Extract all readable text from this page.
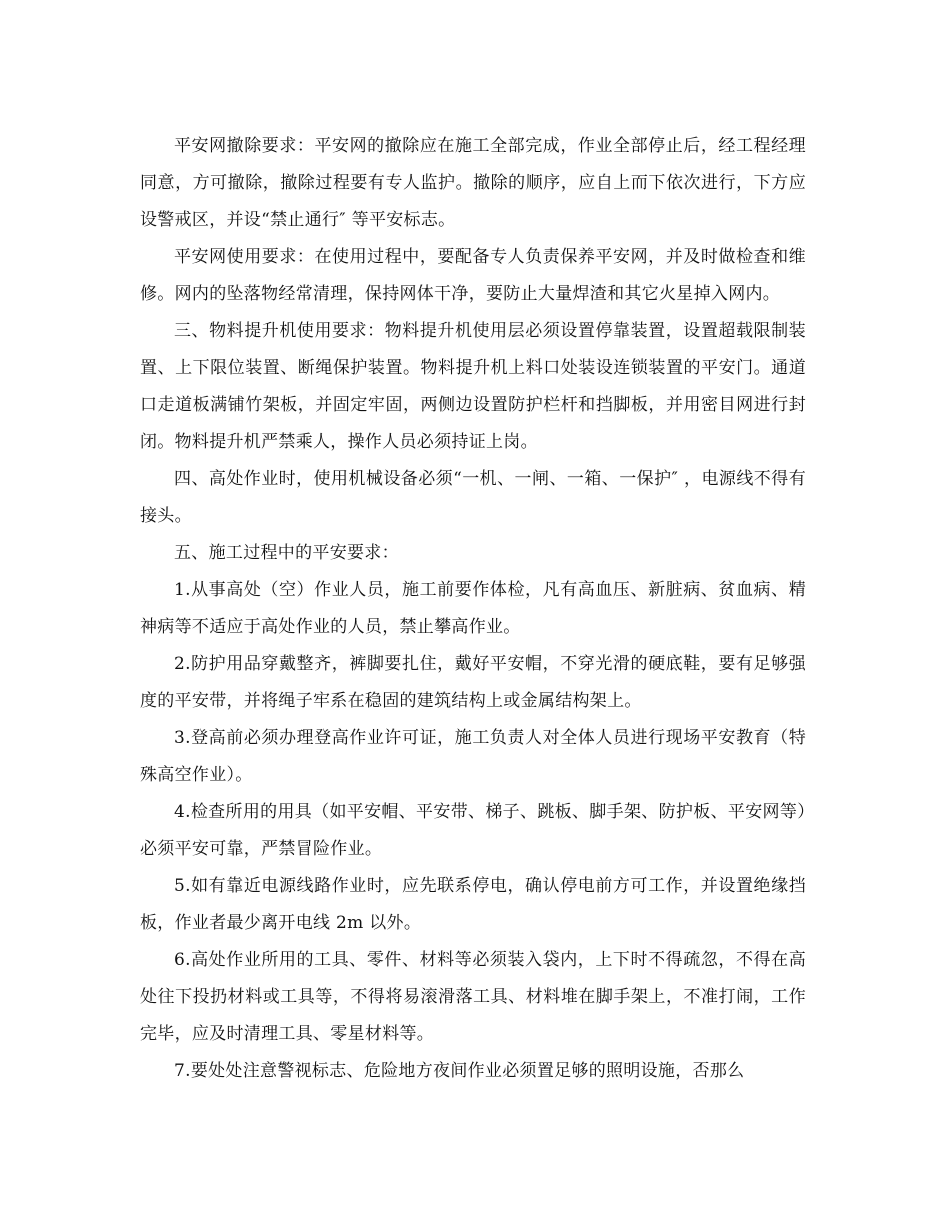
平安网撤除要求：平安网的撤除应在施工全部完成，作业全部停止后，经工程经理同意，方可撤除，撤除过程要有专人监护。撤除的顺序，应自上而下依次进行，下方应设警戒区，并设“禁止通行″ 等平安标志。

平安网使用要求：在使用过程中，要配备专人负责保养平安网，并及时做检查和维修。网内的坠落物经常清理，保持网体干净，要防止大量焊渣和其它火星掉入网内。

三、物料提升机使用要求：物料提升机使用层必须设置停靠装置，设置超载限制装置、上下限位装置、断绳保护装置。物料提升机上料口处装设连锁装置的平安门。通道口走道板满铺竹架板，并固定牢固，两侧边设置防护栏杆和挡脚板，并用密目网进行封闭。物料提升机严禁乘人，操作人员必须持证上岗。

四、高处作业时，使用机械设备必须“一机、一闸、一箱、一保护″ ，电源线不得有接头。

五、施工过程中的平安要求：

1.从事高处（空）作业人员，施工前要作体检，凡有高血压、新脏病、贫血病、精神病等不适应于高处作业的人员，禁止攀高作业。

2.防护用品穿戴整齐，裤脚要扎住，戴好平安帽，不穿光滑的硬底鞋，要有足够强度的平安带，并将绳子牢系在稳固的建筑结构上或金属结构架上。

3.登高前必须办理登高作业许可证，施工负责人对全体人员进行现场平安教育（特殊高空作业）。

4.检查所用的用具（如平安帽、平安带、梯子、跳板、脚手架、防护板、平安网等）必须平安可靠，严禁冒险作业。

5.如有靠近电源线路作业时，应先联系停电，确认停电前方可工作，并设置绝缘挡板，作业者最少离开电线 2m 以外。

6.高处作业所用的工具、零件、材料等必须装入袋内，上下时不得疏忽，不得在高处往下投扔材料或工具等，不得将易滚滑落工具、材料堆在脚手架上，不准打闹，工作完毕，应及时清理工具、零星材料等。

7.要处处注意警视标志、危险地方夜间作业必须置足够的照明设施，否那么
